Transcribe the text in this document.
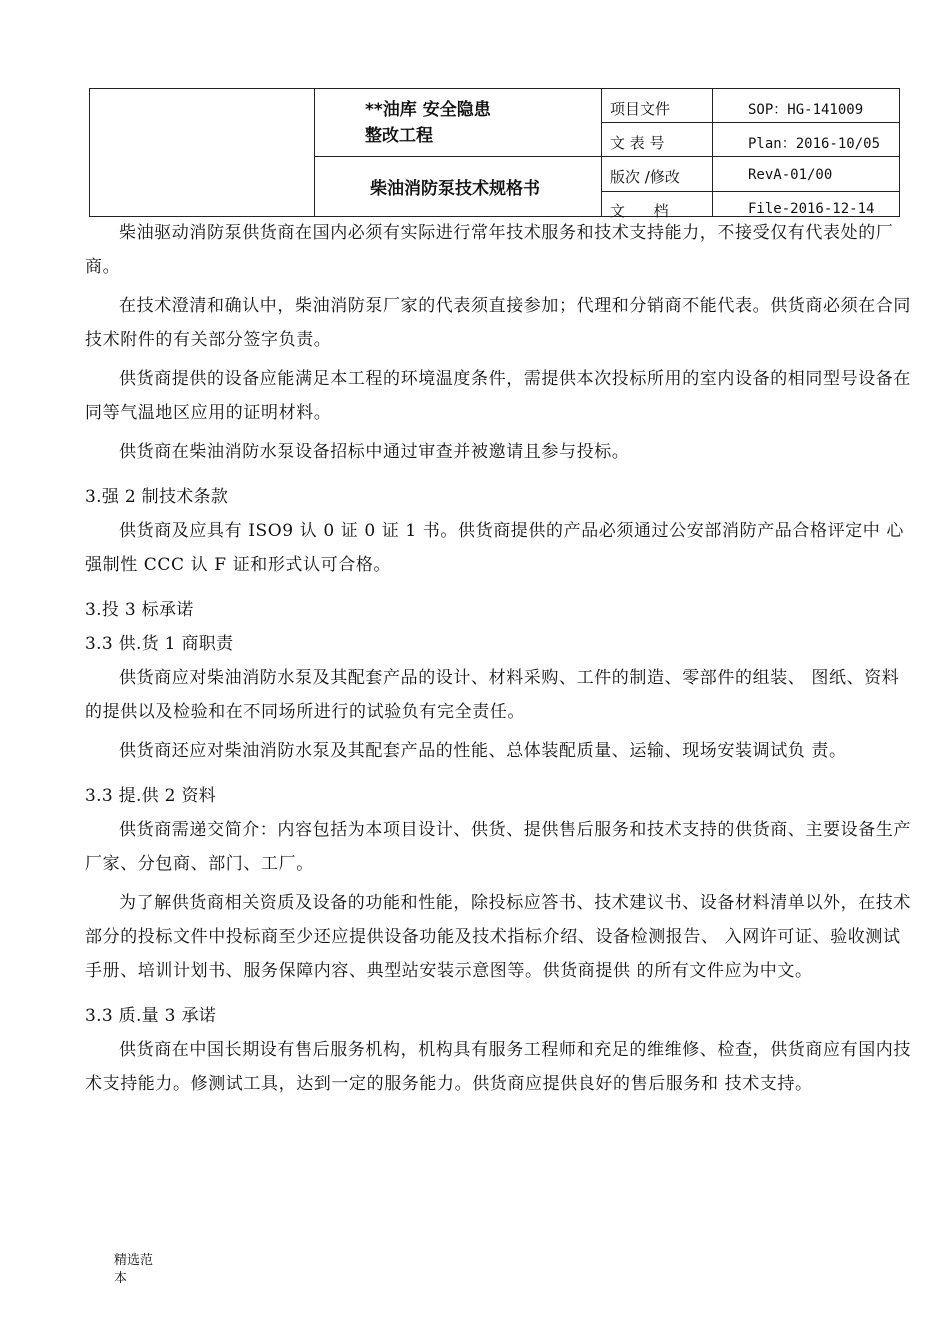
**油库 安全隐患
整改工程
柴油消防泵技术规格书
项目文件
文 表 号
版次 /修改
文      档
SOP：HG-141009
Plan：2016-10/05
RevA-01/00
File-2016-12-14

柴油驱动消防泵供货商在国内必须有实际进行常年技术服务和技术支持能力，不接受仅有代表处的厂商。

在技术澄清和确认中，柴油消防泵厂家的代表须直接参加；代理和分销商不能代表。供货商必须在合同技术附件的有关部分签字负责。

供货商提供的设备应能满足本工程的环境温度条件，需提供本次投标所用的室内设备的相同型号设备在同等气温地区应用的证明材料。

供货商在柴油消防水泵设备招标中通过审查并被邀请且参与投标。

3.强 2 制技术条款

供货商及应具有 ISO9 认 0 证 0 证 1 书。供货商提供的产品必须通过公安部消防产品合格评定中 心强制性 CCC 认 F 证和形式认可合格。

3.投 3 标承诺

3.3 供.货 1 商职责

供货商应对柴油消防水泵及其配套产品的设计、材料采购、工件的制造、零部件的组装、 图纸、资料的提供以及检验和在不同场所进行的试验负有完全责任。

供货商还应对柴油消防水泵及其配套产品的性能、总体装配质量、运输、现场安装调试负 责。

3.3 提.供 2 资料

供货商需递交简介：内容包括为本项目设计、供货、提供售后服务和技术支持的供货商、主要设备生产厂家、分包商、部门、工厂。

为了解供货商相关资质及设备的功能和性能，除投标应答书、技术建议书、设备材料清单以外，在技术部分的投标文件中投标商至少还应提供设备功能及技术指标介绍、设备检测报告、 入网许可证、验收测试手册、培训计划书、服务保障内容、典型站安装示意图等。供货商提供 的所有文件应为中文。

3.3 质.量 3 承诺

供货商在中国长期设有售后服务机构，机构具有服务工程师和充足的维维修、检查，供货商应有国内技术支持能力。修测试工具，达到一定的服务能力。供货商应提供良好的售后服务和 技术支持。

精选范
本
